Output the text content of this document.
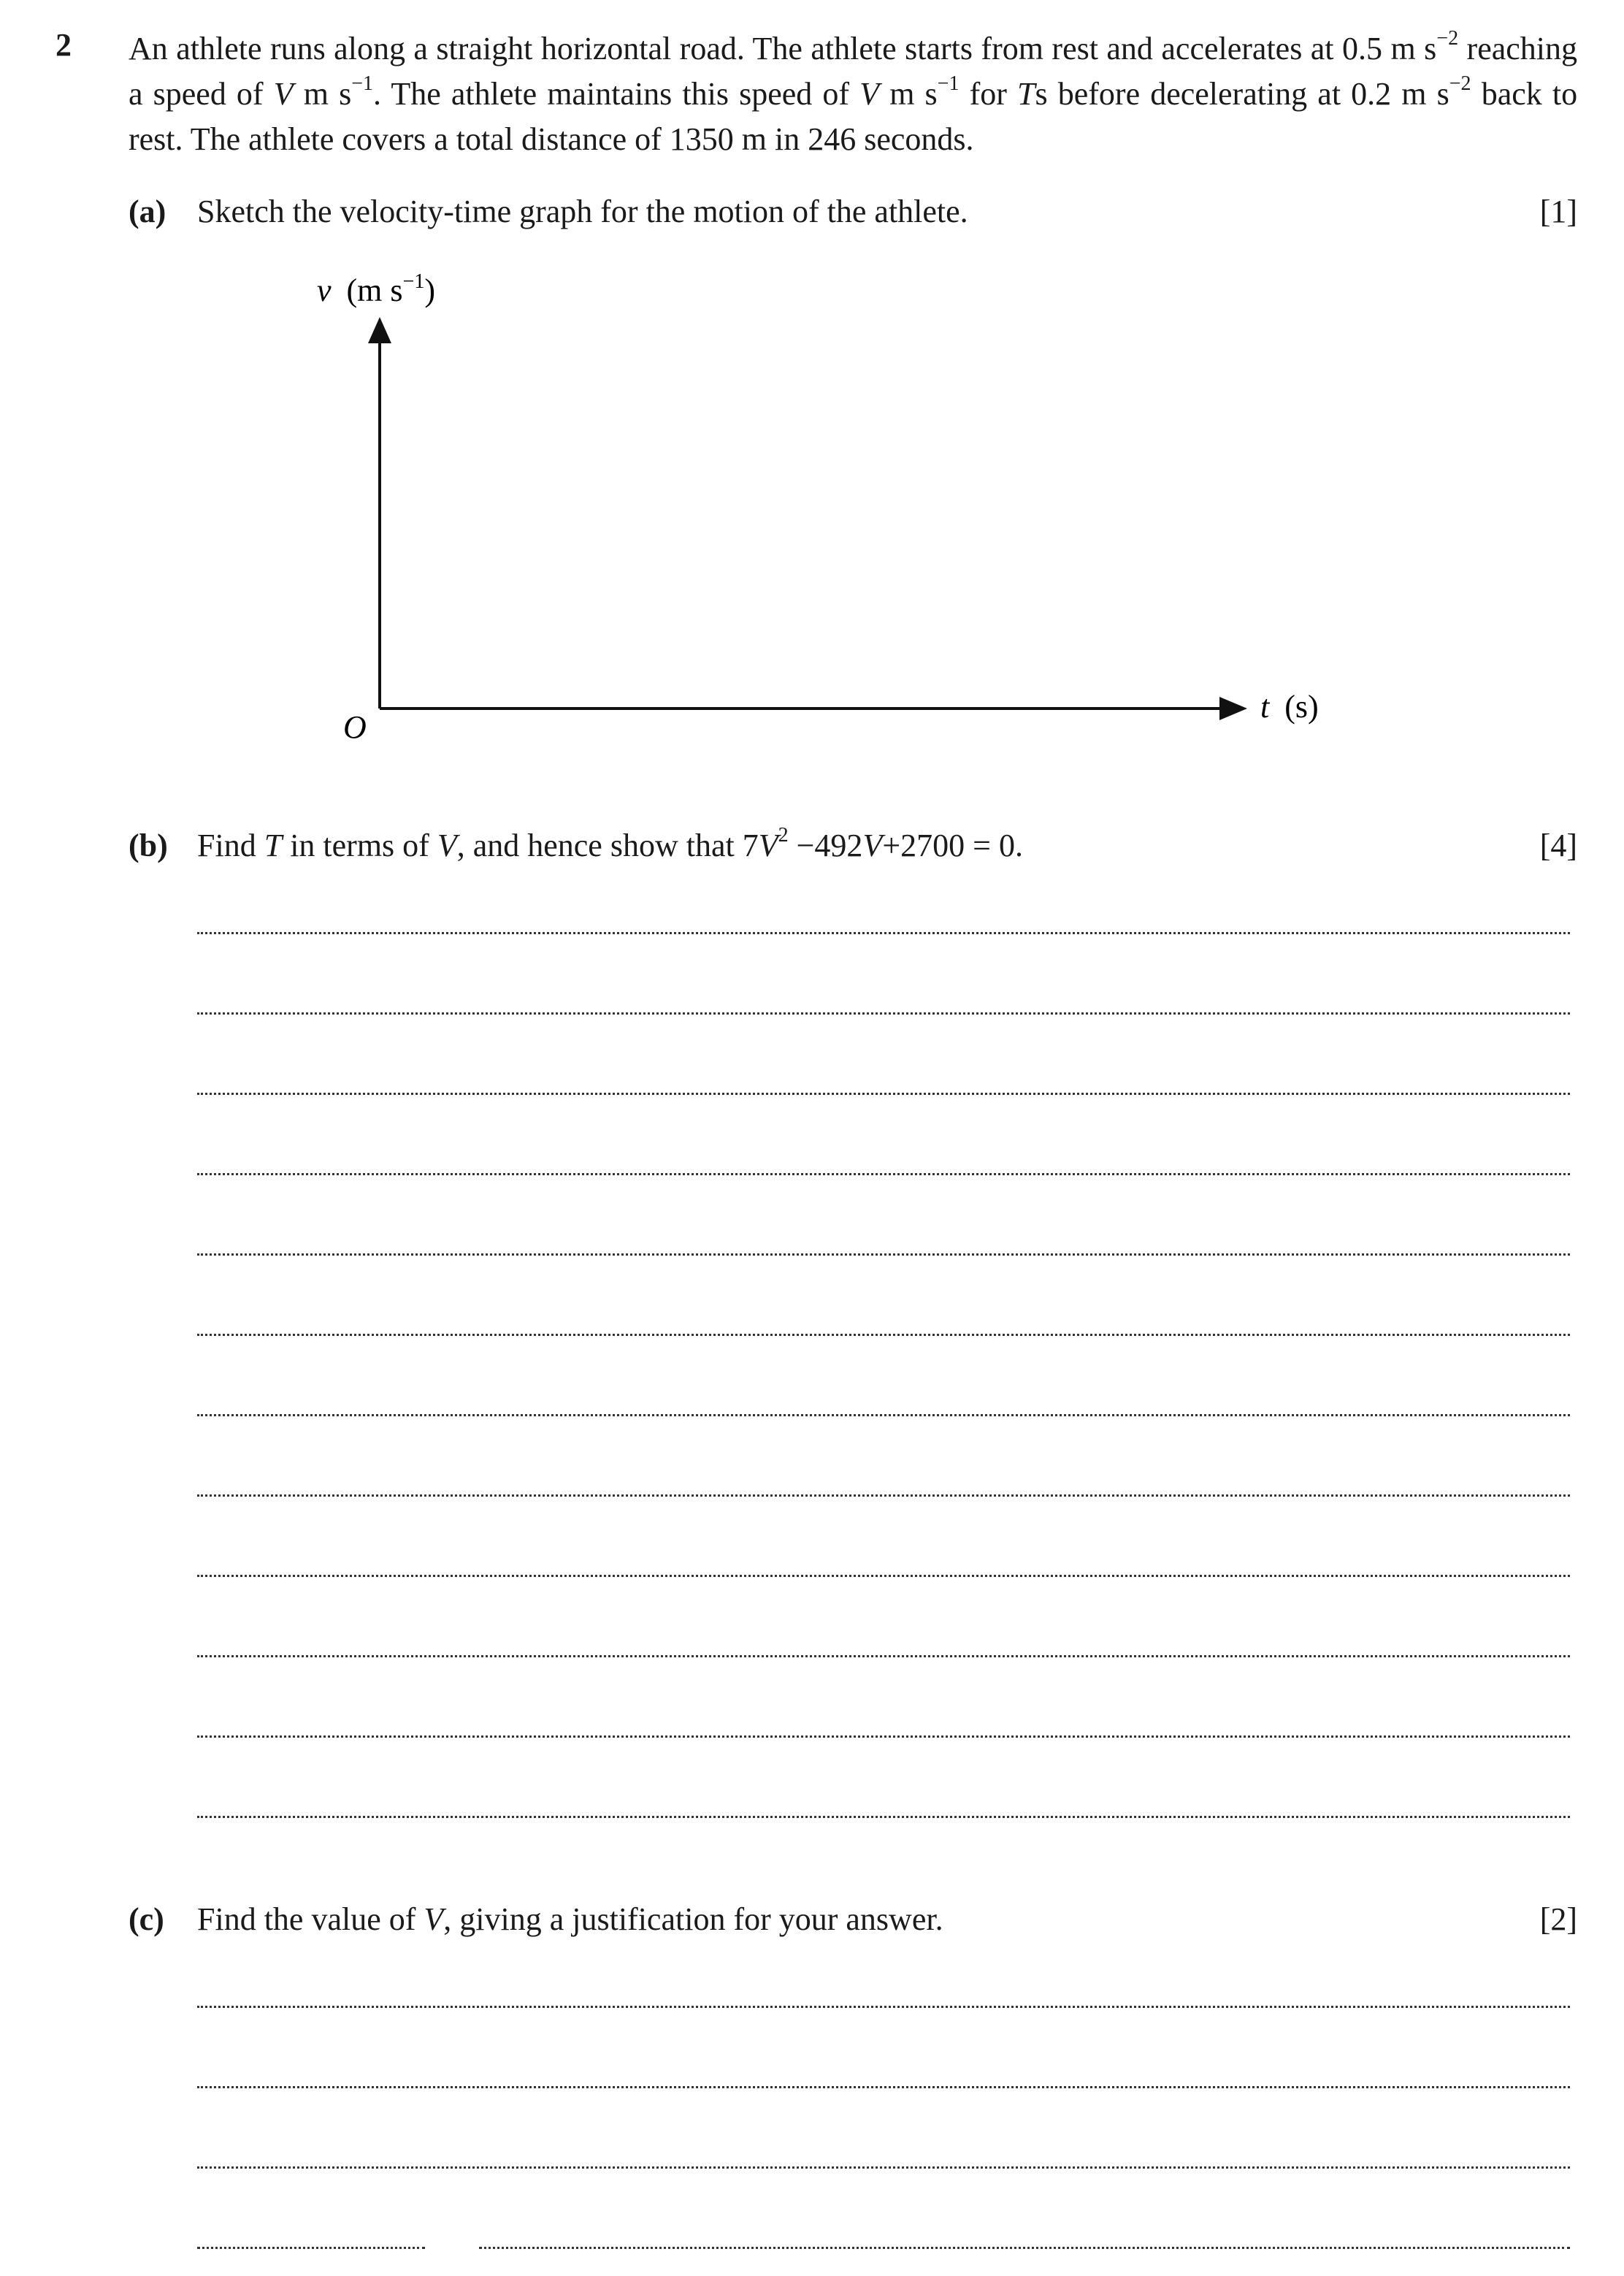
2 An athlete runs along a straight horizontal road. The athlete starts from rest and accelerates at 0.5 m $s^{-2}$ reaching a speed of V m $s^{-1}$. The athlete maintains this speed of V m $s^{-1}$ for Ts before decelerating at 0.2 m $s^{-2}$ back to rest. The athlete covers a total distance of 1350 m in 246 seconds.
(a) Sketch the velocity-time graph for the motion of the athlete.	[1]
v (m $s^{-1}$)
t (s)
O
(b) Find T in terms of V, and hence show that $7V^2 -492V+2700 = 0$.	[4]
(c) Find the value of V, giving a justification for your answer.	[2]
